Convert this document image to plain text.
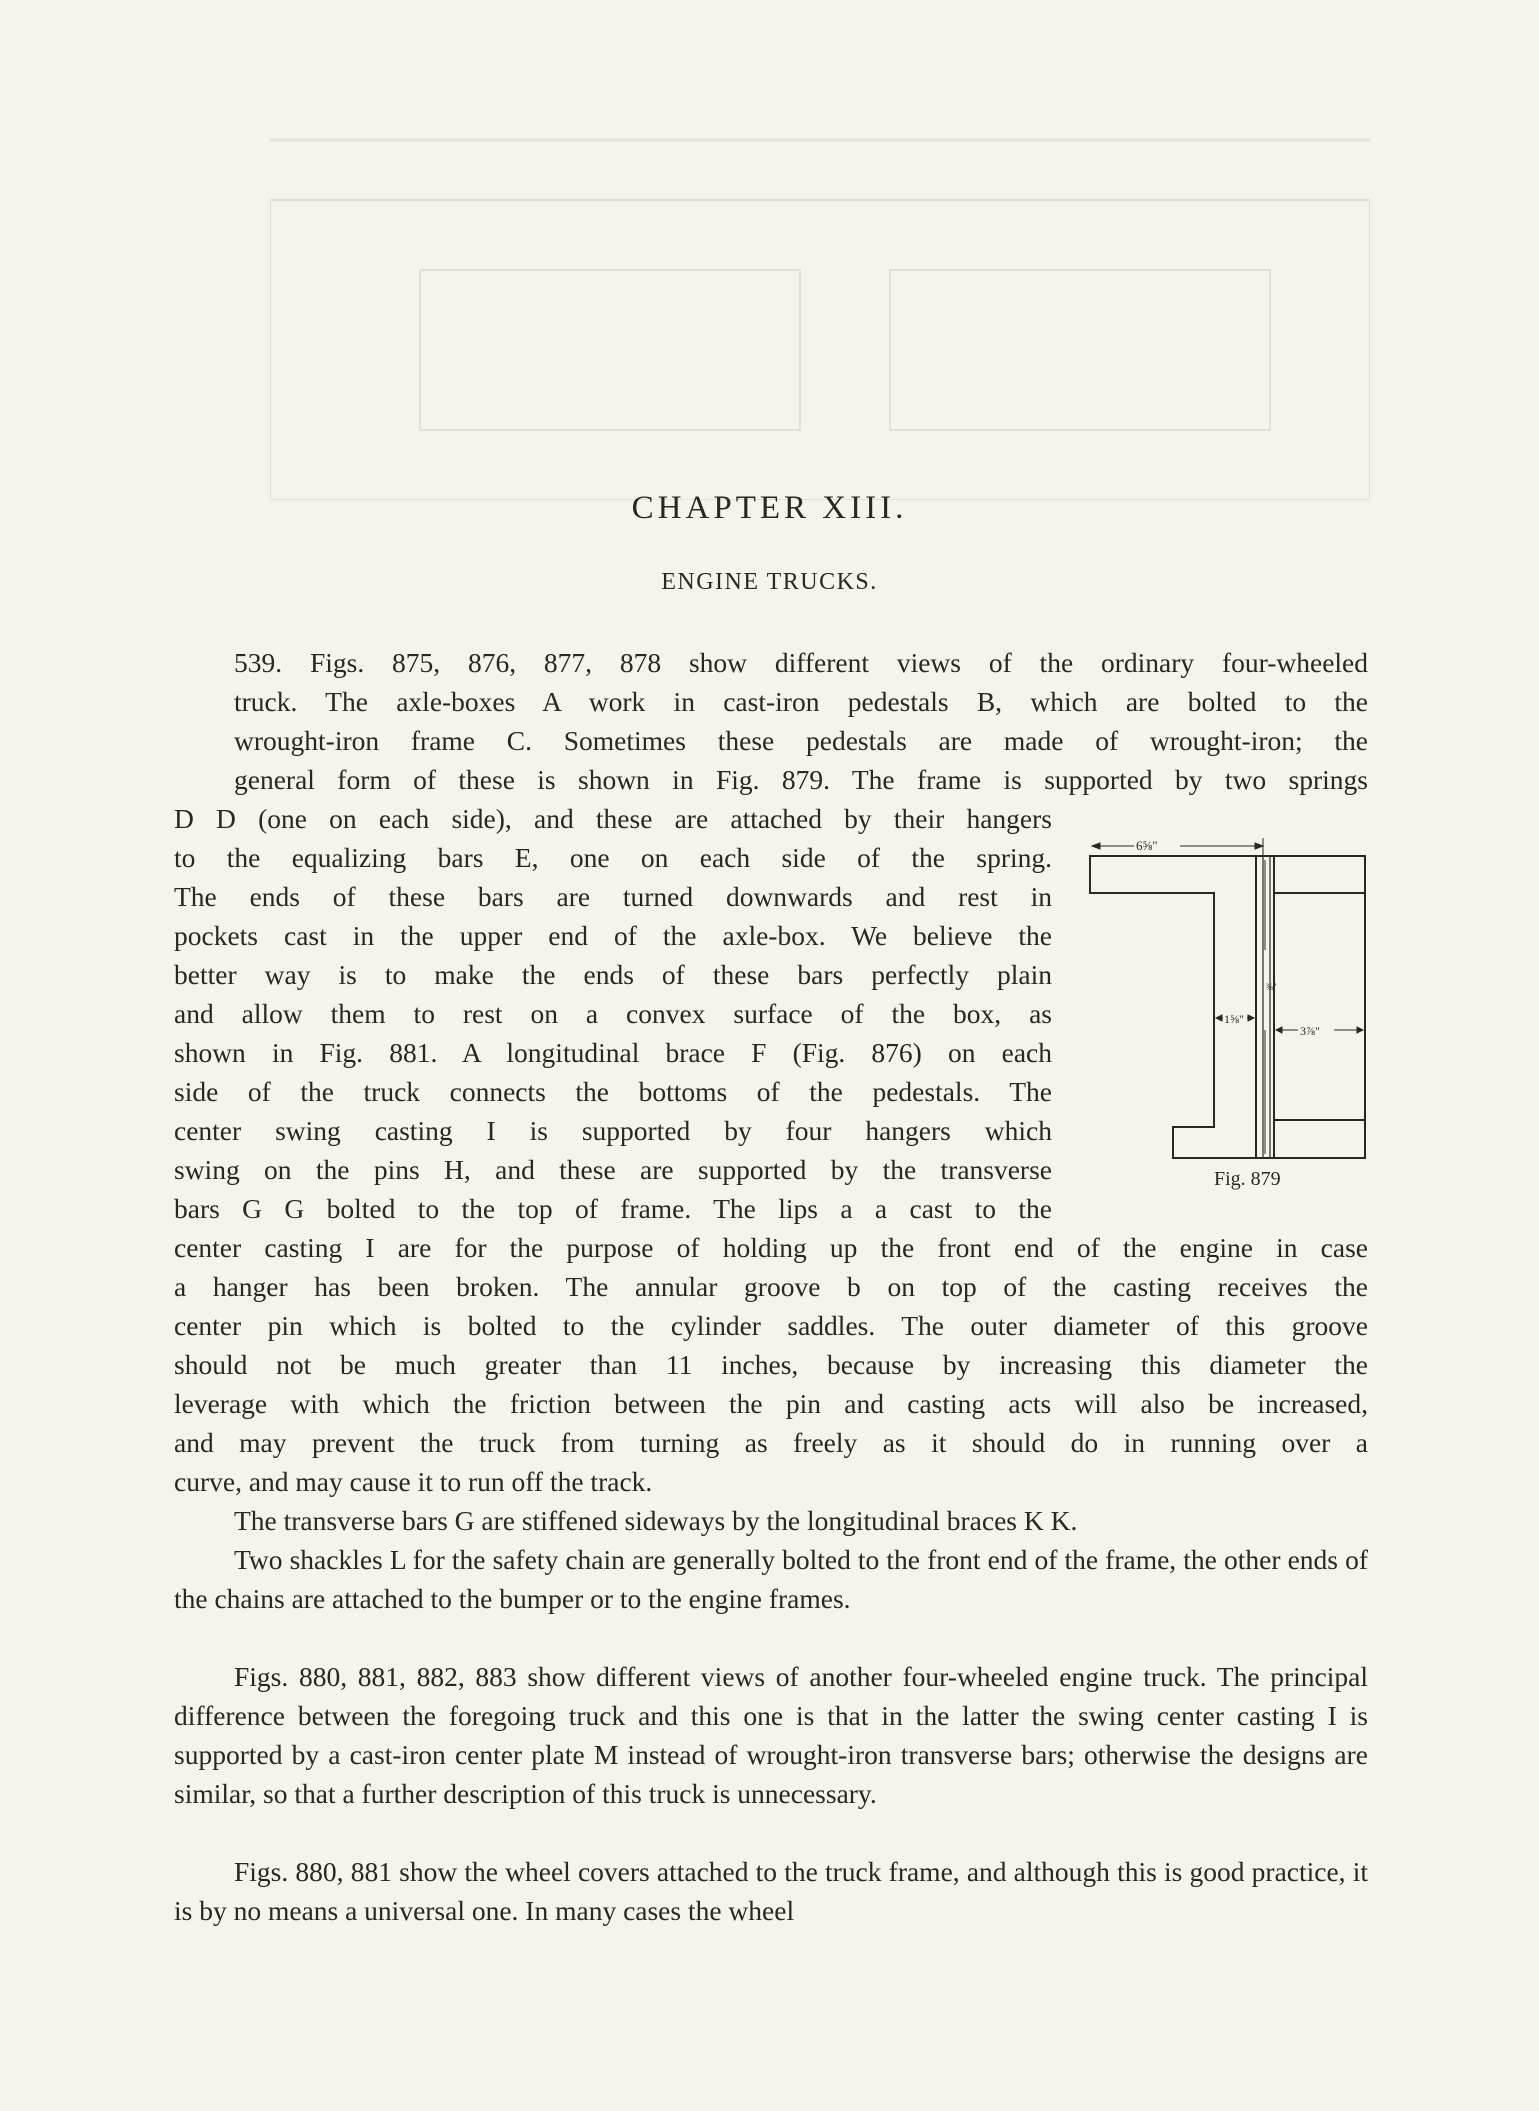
CHAPTER XIII.
ENGINE TRUCKS.
539. Figs. 875, 876, 877, 878 show different views of the ordinary four-wheeled
truck. The axle-boxes A work in cast-iron pedestals B, which are bolted to the
wrought-iron frame C. Sometimes these pedestals are made of wrought-iron; the
general form of these is shown in Fig. 879. The frame is supported by two springs
D D (one on each side), and these are attached by their hangers
to the equalizing bars E, one on each side of the spring.
The ends of these bars are turned downwards and rest in
pockets cast in the upper end of the axle-box. We believe the
better way is to make the ends of these bars perfectly plain
and allow them to rest on a convex surface of the box, as
shown in Fig. 881. A longitudinal brace F (Fig. 876) on each
side of the truck connects the bottoms of the pedestals. The
center swing casting I is supported by four hangers which
swing on the pins H, and these are supported by the transverse
bars G G bolted to the top of frame. The lips a a cast to the
center casting I are for the purpose of holding up the front end of the engine in case
a hanger has been broken. The annular groove b on top of the casting receives the
center pin which is bolted to the cylinder saddles. The outer diameter of this groove
should not be much greater than 11 inches, because by increasing this diameter the
leverage with which the friction between the pin and casting acts will also be increased,
and may prevent the truck from turning as freely as it should do in running over a
curve, and may cause it to run off the track.

The transverse bars G are stiffened sideways by the longitudinal braces K K.

Two shackles L for the safety chain are generally bolted to the front end of the frame, the other ends of the chains are attached to the bumper or to the engine frames.

Figs. 880, 881, 882, 883 show different views of another four-wheeled engine truck. The principal difference between the foregoing truck and this one is that in the latter the swing center casting I is supported by a cast-iron center plate M instead of wrought-iron transverse bars; otherwise the designs are similar, so that a further description of this truck is unnecessary.

Figs. 880, 881 show the wheel covers attached to the truck frame, and although this is good practice, it is by no means a universal one. In many cases the wheel

6⅝"
1⅝"
3⅞"
⅜"

Fig. 879
